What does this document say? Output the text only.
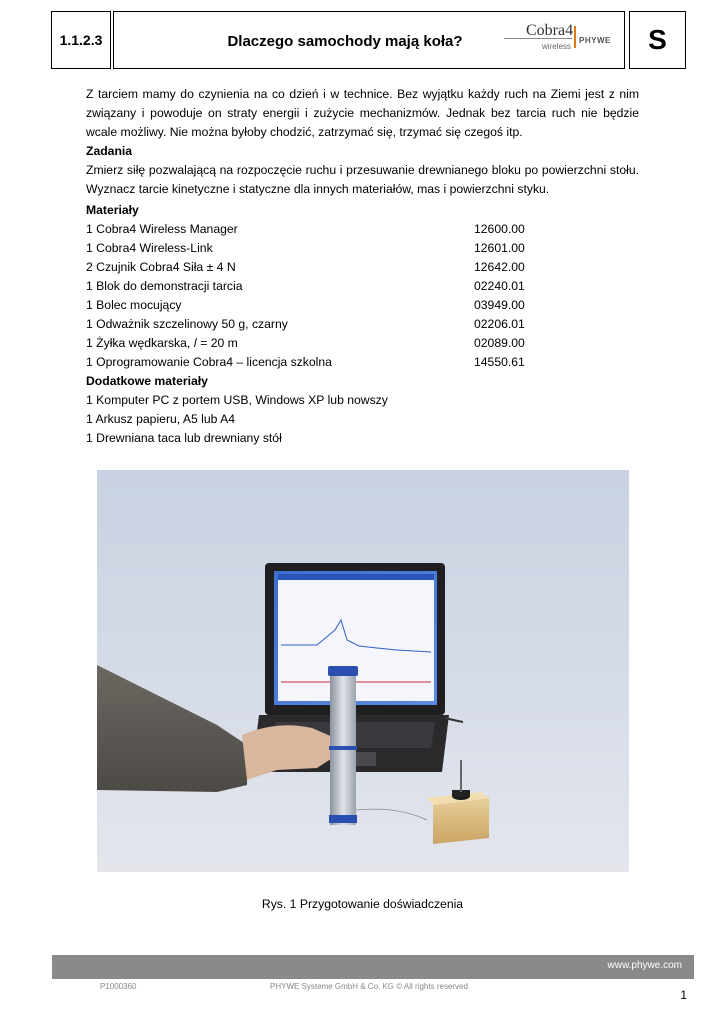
1.1.2.3	Dlaczego samochody mają koła?
Cobra4
PHYWE
wireless	S
Z tarciem mamy do czynienia na co dzień i w technice. Bez wyjątku każdy ruch na Ziemi jest z nim związany i powoduje on straty energii i zużycie mechanizmów. Jednak bez tarcia ruch nie będzie wcale możliwy. Nie można byłoby chodzić, zatrzymać się, trzymać się czegoś itp.
Zadania
Zmierz siłę pozwalającą na rozpoczęcie ruchu i przesuwanie drewnianego bloku po powierzchni stołu. Wyznacz tarcie kinetyczne i statyczne dla innych materiałów, mas i powierzchni styku.
Materiały
1 Cobra4 Wireless Manager	12600.00
1 Cobra4 Wireless-Link	12601.00
2 Czujnik Cobra4 Siła ± 4 N	12642.00
1 Blok do demonstracji tarcia	02240.01
1 Bolec mocujący	03949.00
1 Odważnik szczelinowy 50 g, czarny	02206.01
1 Żyłka wędkarska, 𝑙 = 20 m	02089.00
1 Oprogramowanie Cobra4 – licencja szkolna	14550.61
Dodatkowe materiały
1 Komputer PC z portem USB, Windows XP lub nowszy
1 Arkusz papieru, A5 lub A4
1 Drewniana taca lub drewniany stół
Rys. 1 Przygotowanie doświadczenia
www.phywe.com
P1000360	PHYWE Systeme GmbH & Co. KG © All rights reserved
1
